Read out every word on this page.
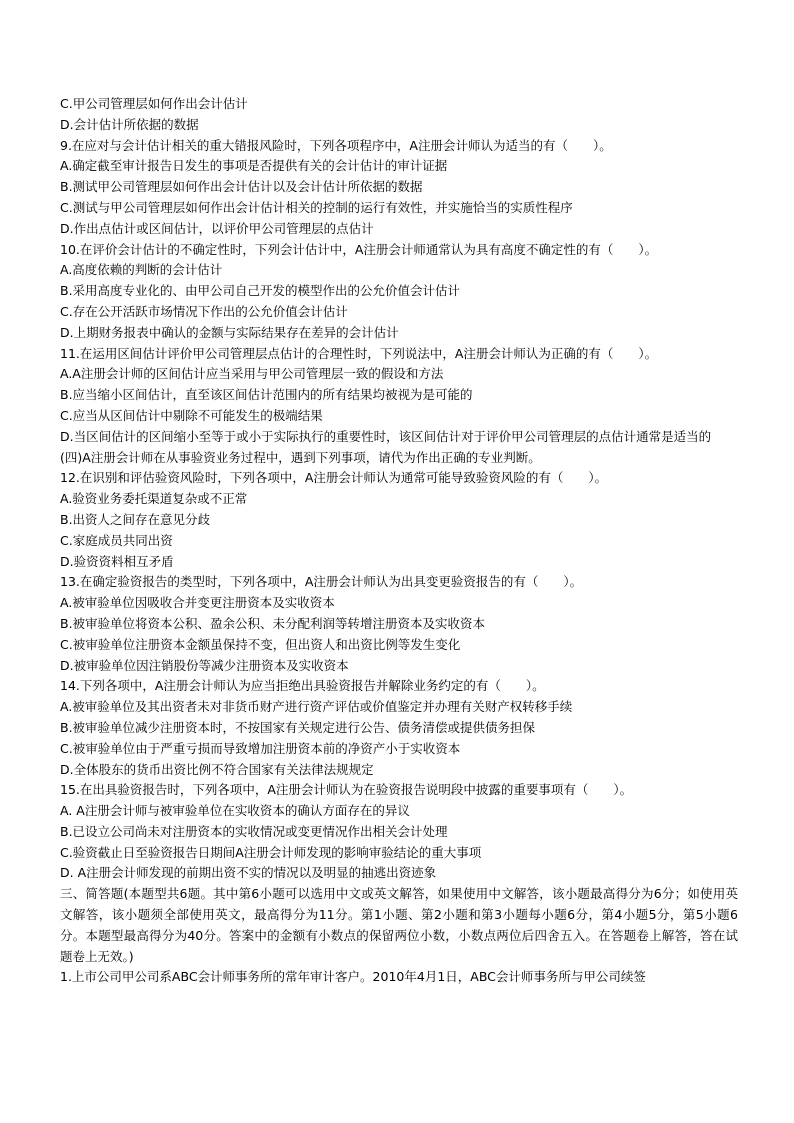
C.甲公司管理层如何作出会计估计
D.会计估计所依据的数据
9.在应对与会计估计相关的重大错报风险时，下列各项程序中，A注册会计师认为适当的有（　　）。
A.确定截至审计报告日发生的事项是否提供有关的会计估计的审计证据
B.测试甲公司管理层如何作出会计估计以及会计估计所依据的数据
C.测试与甲公司管理层如何作出会计估计相关的控制的运行有效性，并实施恰当的实质性程序
D.作出点估计或区间估计，以评价甲公司管理层的点估计
10.在评价会计估计的不确定性时，下列会计估计中，A注册会计师通常认为具有高度不确定性的有（　　）。
A.高度依赖的判断的会计估计
B.采用高度专业化的、由甲公司自己开发的模型作出的公允价值会计估计
C.存在公开活跃市场情况下作出的公允价值会计估计
D.上期财务报表中确认的金额与实际结果存在差异的会计估计
11.在运用区间估计评价甲公司管理层点估计的合理性时，下列说法中，A注册会计师认为正确的有（　　）。
A.A注册会计师的区间估计应当采用与甲公司管理层一致的假设和方法
B.应当缩小区间估计，直至该区间估计范围内的所有结果均被视为是可能的
C.应当从区间估计中剔除不可能发生的极端结果
D.当区间估计的区间缩小至等于或小于实际执行的重要性时，该区间估计对于评价甲公司管理层的点估计通常是适当的
(四)A注册会计师在从事验资业务过程中，遇到下列事项，请代为作出正确的专业判断。
12.在识别和评估验资风险时，下列各项中，A注册会计师认为通常可能导致验资风险的有（　　）。
A.验资业务委托渠道复杂或不正常
B.出资人之间存在意见分歧
C.家庭成员共同出资
D.验资资料相互矛盾
13.在确定验资报告的类型时，下列各项中，A注册会计师认为出具变更验资报告的有（　　）。
A.被审验单位因吸收合并变更注册资本及实收资本
B.被审验单位将资本公积、盈余公积、未分配利润等转增注册资本及实收资本
C.被审验单位注册资本金额虽保持不变，但出资人和出资比例等发生变化
D.被审验单位因注销股份等减少注册资本及实收资本
14.下列各项中，A注册会计师认为应当拒绝出具验资报告并解除业务约定的有（　　）。
A.被审验单位及其出资者未对非货币财产进行资产评估或价值鉴定并办理有关财产权转移手续
B.被审验单位减少注册资本时，不按国家有关规定进行公告、债务清偿或提供债务担保
C.被审验单位由于严重亏损而导致增加注册资本前的净资产小于实收资本
D.全体股东的货币出资比例不符合国家有关法律法规规定
15.在出具验资报告时，下列各项中，A注册会计师认为在验资报告说明段中披露的重要事项有（　　）。
A. A注册会计师与被审验单位在实收资本的确认方面存在的异议
B.已设立公司尚未对注册资本的实收情况或变更情况作出相关会计处理
C.验资截止日至验资报告日期间A注册会计师发现的影响审验结论的重大事项
D. A注册会计师发现的前期出资不实的情况以及明显的抽逃出资迹象
三、简答题(本题型共6题。其中第6小题可以选用中文或英文解答，如果使用中文解答，该小题最高得分为6分；如使用英文解答，该小题须全部使用英文，最高得分为11分。第1小题、第2小题和第3小题每小题6分，第4小题5分，第5小题6分。本题型最高得分为40分。答案中的金额有小数点的保留两位小数，小数点两位后四舍五入。在答题卷上解答，答在试题卷上无效。)
1.上市公司甲公司系ABC会计师事务所的常年审计客户。2010年4月1日，ABC会计师事务所与甲公司续签
